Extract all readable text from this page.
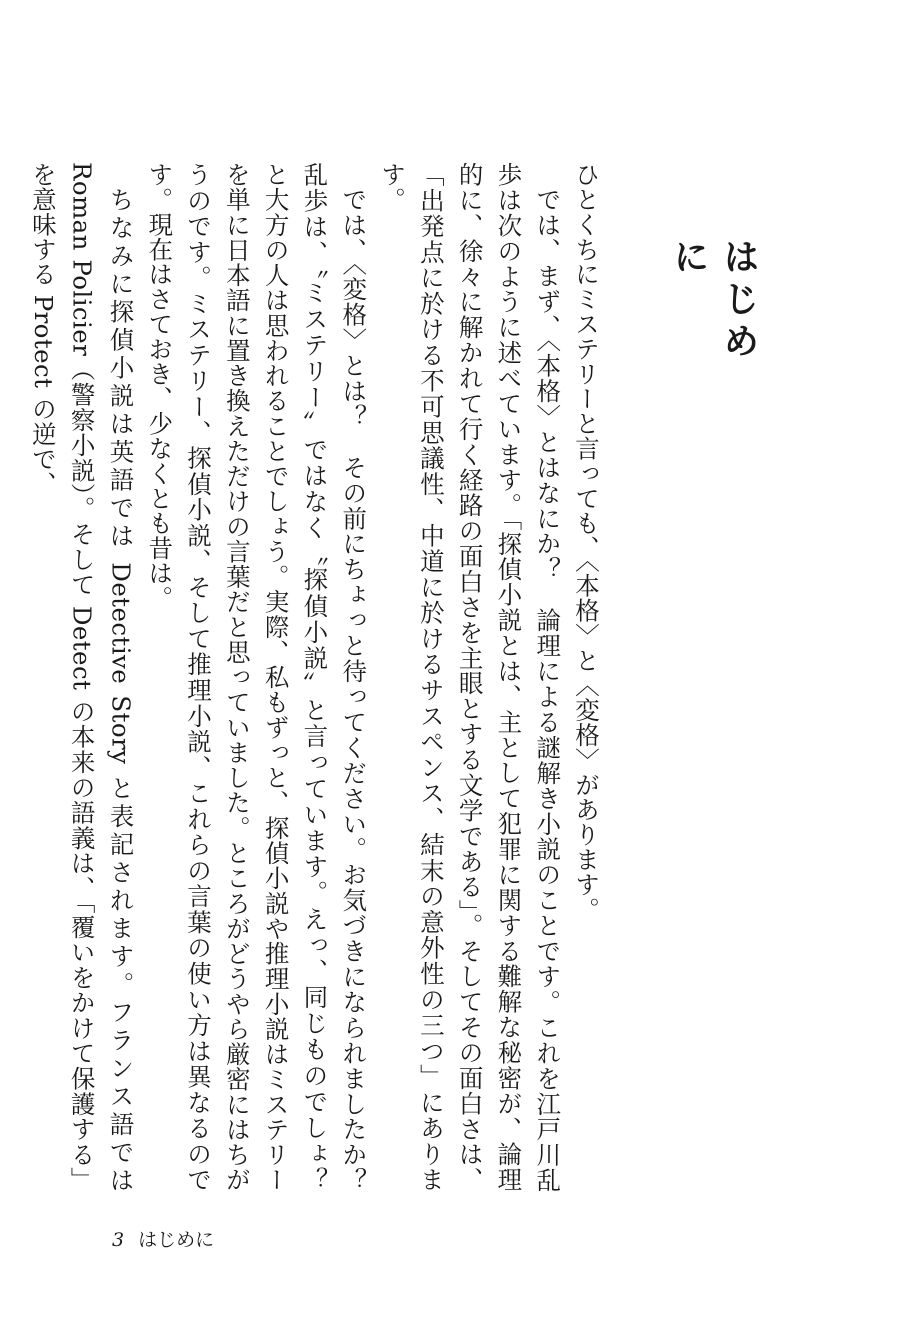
はじめに

ひとくちにミステリーと言っても、〈本格〉と〈変格〉があります。

では、まず、〈本格〉とはなにか？　論理による謎解き小説のことです。これを江戸川乱歩は次のように述べています。「探偵小説とは、主として犯罪に関する難解な秘密が、論理的に、徐々に解かれて行く経路の面白さを主眼とする文学である」。そしてその面白さは、「出発点に於ける不可思議性、中道に於けるサスペンス、結末の意外性の三つ」にあります。

では、〈変格〉とは？　その前にちょっと待ってください。お気づきになられましたか？　乱歩は、〝ミステリー〟ではなく〝探偵小説〟と言っています。えっ、同じものでしょ？　と大方の人は思われることでしょう。実際、私もずっと、探偵小説や推理小説はミステリーを単に日本語に置き換えただけの言葉だと思っていました。ところがどうやら厳密にはちがうのです。ミステリー、探偵小説、そして推理小説、これらの言葉の使い方は異なるのです。現在はさておき、少なくとも昔は。

ちなみに探偵小説は英語では Detective Story と表記されます。フランス語では Roman Policier（警察小説）。そして Detect の本来の語義は、「覆いをかけて保護する」を意味する Protect の逆で、

3 はじめに
